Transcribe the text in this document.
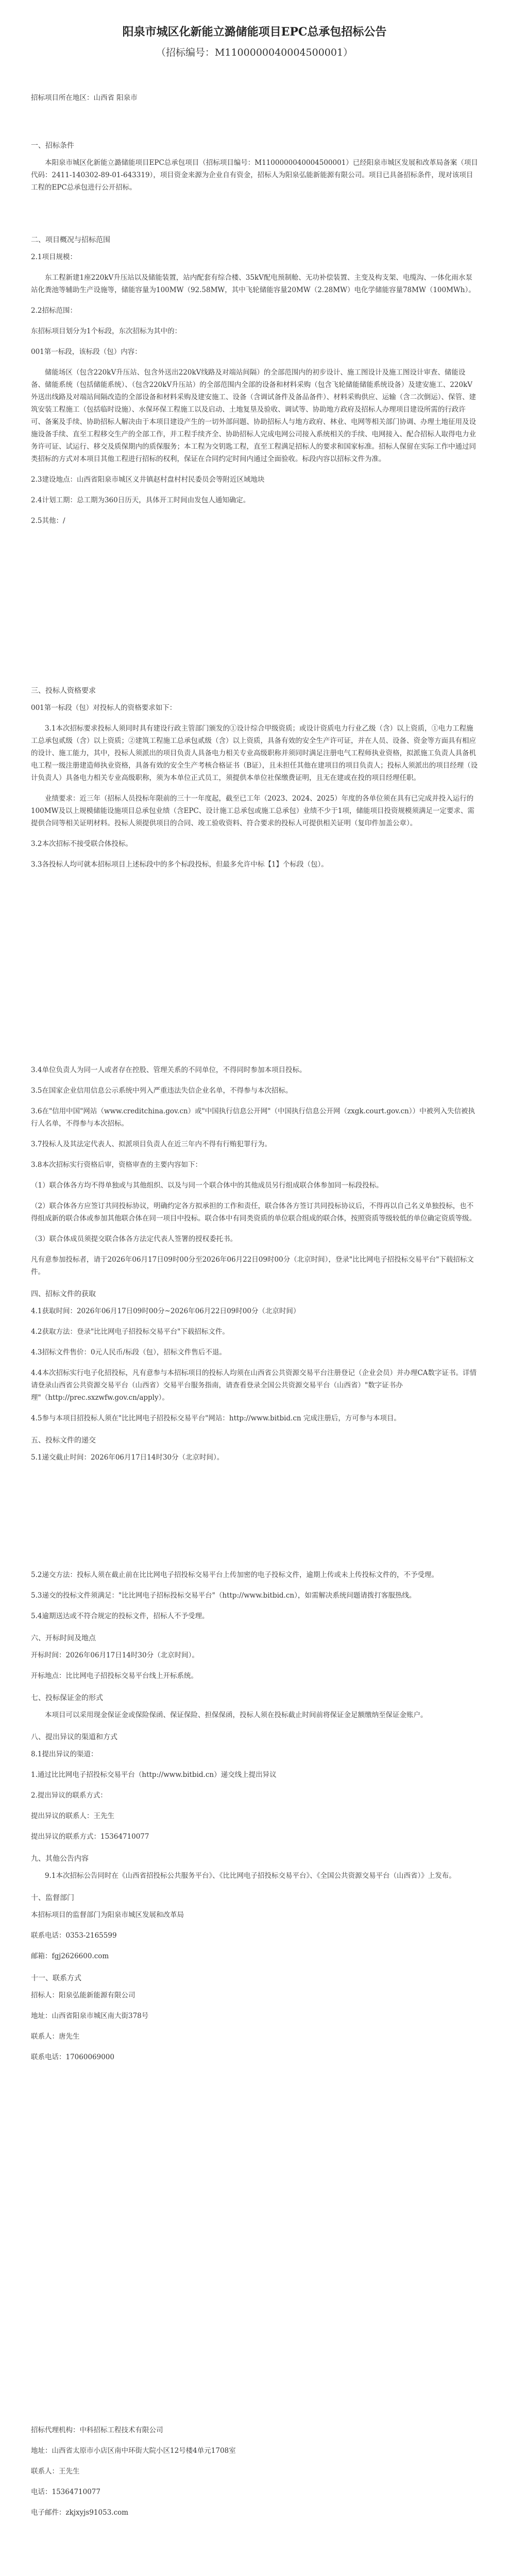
阳泉市城区化新能立潞储能项目EPC总承包招标公告
（招标编号：M1100000040004500001）

招标项目所在地区：山西省 阳泉市

一、招标条件

本阳泉市城区化新能立潞储能项目EPC总承包项目（招标项目编号：M1100000040004500001）已经阳泉市城区发展和改革局备案（项目代码：2411-140302-89-01-643319），项目资金来源为企业自有资金，招标人为阳泉弘能新能源有限公司。项目已具备招标条件，现对该项目工程的EPC总承包进行公开招标。

二、项目概况与招标范围

2.1项目规模：

东工程新建1座220kV升压站以及储能装置，站内配套有综合楼、35kV配电预制舱、无功补偿装置、主变及构支架、电缆沟、一体化雨水泵站化粪池等辅助生产设施等，储能容量为100MW（92.58MW，其中飞轮储能容量20MW（2.28MW）电化学储能容量78MW（100MWh）。

2.2招标范围：

东招标项目划分为1个标段，东次招标为其中的：

001第一标段，该标段（包）内容：

储能场区（包含220kV升压站、包含外送出220kV线路及对端站间隔）的全部范围内的初步设计、施工图设计及施工图设计审查、储能设备、储能系统（包括储能系统）、（包含220kV升压站）的全部范围内全部的设备和材料采购（包含飞轮储能储能系统设备）及建安施工、220kV外送出线路及对端站间隔改造的全部设备和材料采购及建安施工、设备（含调试备件及备品备件）、材料采购供应、运输（含二次倒运）、保管、建筑安装工程施工（包括临时设施）、水保环保工程施工以及启动、土地复垦及验收、调试等、协助地方政府及招标人办理项目建设所需的行政许可、备案及手续、协助招标人解决由于本项目建设产生的一切外部问题、协助招标人与地方政府、林业、电网等相关部门协调、办理土地征用及设施设备手续、直至工程移交生产的全部工作，并工程手续齐全、协助招标人完成电网公司接入系统相关的手续、电网接入、配合招标人取得电力业务许可证、试运行、移交及质保期内的质保服务；本工程为交钥匙工程，直至工程满足招标人的要求和国家标准。招标人保留在实际工作中通过同类招标的方式对本项目其他工程进行招标的权利，保证在合同约定时间内通过全面验收。标段内容以招标文件为准。

2.3建设地点：山西省阳泉市城区义井镇赵村盘村村民委员会等附近区域地块

2.4计划工期：总工期为360日历天，具体开工时间由发包人通知确定。

2.5其他：/

三、投标人资格要求

001第一标段（包）对投标人的资格要求如下：

3.1本次招标要求投标人须同时具有建设行政主管部门颁发的①设计综合甲级资质；或设计资质电力行业乙级（含）以上资质，①电力工程施工总承包贰级（含）以上资质；②建筑工程施工总承包贰级（含）以上资质，具备有效的安全生产许可证，并在人员、设备、资金等方面具有相应的设计、施工能力，其中，投标人须派出的项目负责人具备电力相关专业高级职称并须同时满足注册电气工程师执业资格，拟派施工负责人具备机电工程一级注册建造师执业资格，具备有效的安全生产考核合格证书（B证），且未担任其他在建项目的项目负责人；投标人须派出的项目经理（设计负责人）具备电力相关专业高级职称，须为本单位正式员工，须提供本单位社保缴费证明，且无在建或在投的项目经理任职。

业绩要求：近三年（招标人员投标年限前的三十一年度起，截至已工年（2023、2024、2025）年度的各单位须在具有已完成并投入运行的100MW及以上规模储能设施项目总承包业绩（含EPC、设计施工总承包或施工总承包）业绩不少于1项，储能项目投资规模须满足一定要求、需提供合同等相关证明材料。投标人须提供项目的合同、竣工验收资料、符合要求的投标人可提供相关证明（复印件加盖公章）。

3.2本次招标不接受联合体投标。

3.3各投标人均可就本招标项目上述标段中的多个标段投标，但最多允许中标【1】个标段（包）。

3.4单位负责人为同一人或者存在控股、管理关系的不同单位，不得同时参加本项目投标。

3.5在国家企业信用信息公示系统中列入严重违法失信企业名单，不得参与本次招标。

3.6在"信用中国"网站（www.creditchina.gov.cn）或"中国执行信息公开网"（中国执行信息公开网（zxgk.court.gov.cn））中被列入失信被执行人名单，不得参与本次招标。

3.7投标人及其法定代表人、拟派项目负责人在近三年内不得有行贿犯罪行为。

3.8本次招标实行资格后审，资格审查的主要内容如下：

（1）联合体各方均不得单独或与其他组织、以及与同一个联合体中的其他成员另行组成联合体参加同一标段投标。

（2）联合体各方应签订共同投标协议，明确约定各方拟承担的工作和责任，联合体各方签订共同投标协议后，不得再以自己名义单独投标，也不得组成新的联合体或参加其他联合体在同一项目中投标。联合体中有同类资质的单位联合组成的联合体，按照资质等级较低的单位确定资质等级。

（3）联合体成员须提交联合体各方法定代表人签署的授权委托书。

凡有意参加投标者，请于2026年06月17日09时00分至2026年06月22日09时00分（北京时间），登录"比比网电子招投标交易平台"下载招标文件。

四、招标文件的获取

4.1获取时间：2026年06月17日09时00分~2026年06月22日09时00分（北京时间）

4.2获取方法：登录"比比网电子招投标交易平台"下载招标文件。

4.3招标文件售价：0元人民币/标段（包），招标文件售后不退。

4.4本次招标实行电子化招投标，凡有意参与本招标项目的投标人均须在山西省公共资源交易平台注册登记（企业会员）并办理CA数字证书。详情请登录山西省公共资源交易平台（山西省）交易平台服务指南，请查看登录全国公共资源交易平台（山西省）"数字证书办理"（http://prec.sxzwfw.gov.cn/apply）。

4.5参与本项目招投标人须在"比比网电子招投标交易平台"网站：http://www.bitbid.cn 完成注册后，方可参与本项目。

五、投标文件的递交

5.1递交截止时间：2026年06月17日14时30分（北京时间）。

5.2递交方法：投标人须在截止前在比比网电子招投标交易平台上传加密的电子投标文件，逾期上传或未上传投标文件的，不予受理。

5.3递交的投标文件须满足："比比网电子招标投标交易平台"（http://www.bitbid.cn），如需解决系统问题请拨打客服热线。

5.4逾期送达或不符合规定的投标文件，招标人不予受理。

六、开标时间及地点

开标时间：2026年06月17日14时30分（北京时间）。

开标地点：比比网电子招投标交易平台线上开标系统。

七、投标保证金的形式

本项目可以采用现金保证金或保险保函、保证保险、担保保函，投标人须在投标截止时间前将保证金足额缴纳至保证金账户。

八、提出异议的渠道和方式

8.1提出异议的渠道：

1.通过比比网电子招投标交易平台（http://www.bitbid.cn）递交线上提出异议

2.提出异议的联系方式：

提出异议的联系人：王先生

提出异议的联系方式：15364710077

九、其他公告内容

9.1本次招标公告同时在《山西省招投标公共服务平台》、《比比网电子招投标交易平台》、《全国公共资源交易平台（山西省）》上发布。

十、监督部门

本招标项目的监督部门为阳泉市城区发展和改革局

联系电话：0353-2165599

邮箱：fgj2626600.com

十一、联系方式

招标人：阳泉弘能新能源有限公司

地址：山西省阳泉市城区南大街378号

联系人：唐先生

联系电话：17060069000

招标代理机构：中科招标工程技术有限公司

地址：山西省太原市小店区南中环街大院小区12号楼4单元1708室

联系人：王先生

电话：15364710077

电子邮件：zkjxyjs91053.com
